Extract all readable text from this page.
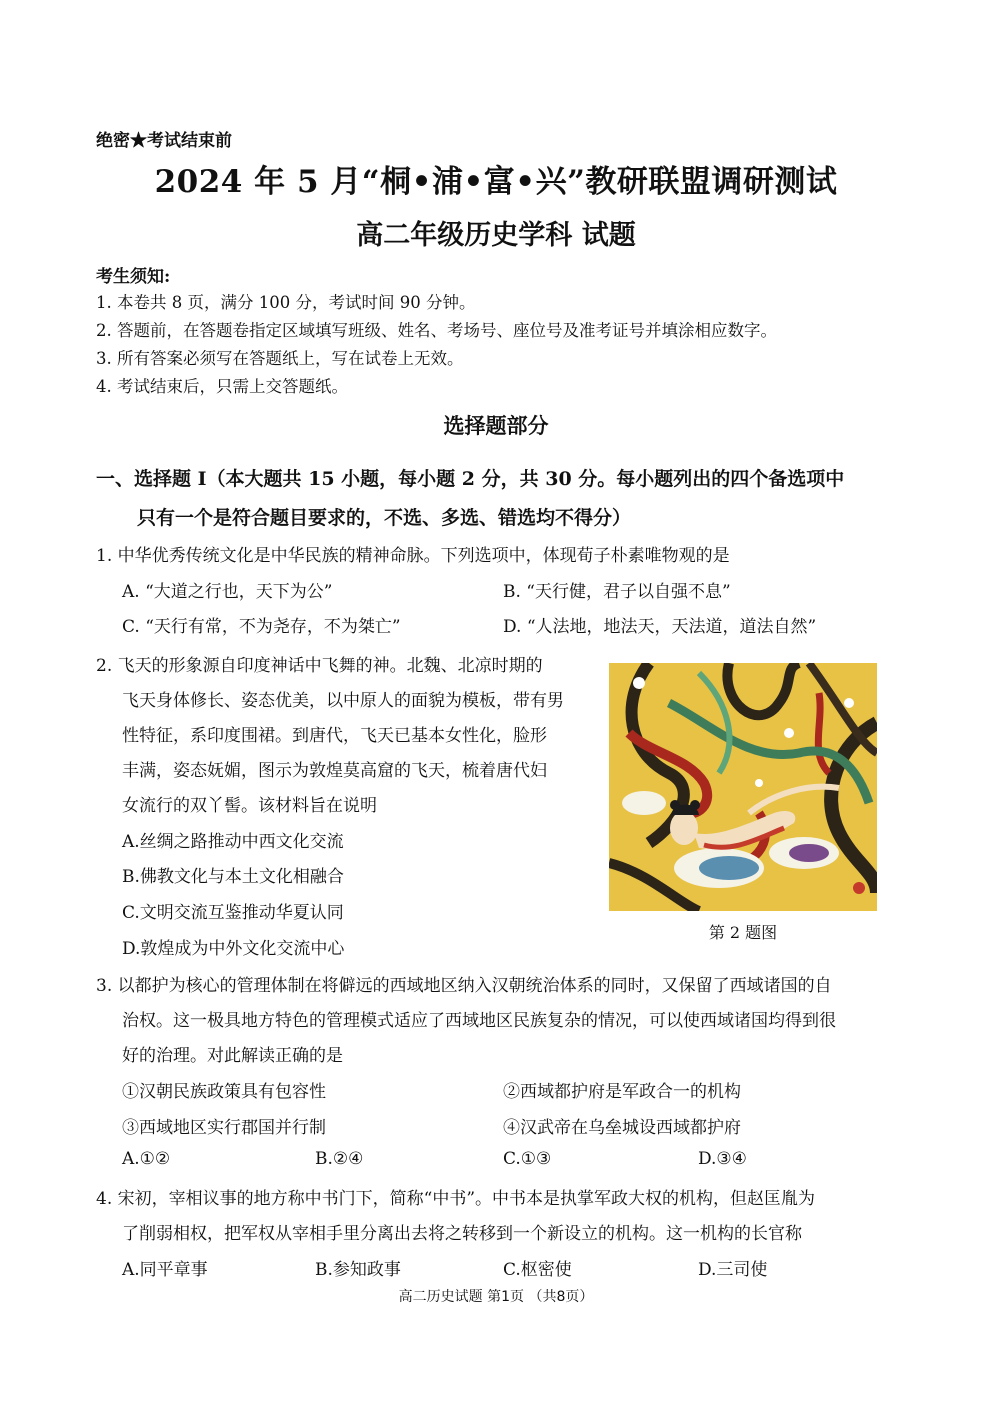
绝密★考试结束前
2024 年 5 月“桐•浦•富•兴”教研联盟调研测试
高二年级历史学科 试题
考生须知:
1. 本卷共 8 页，满分 100 分，考试时间 90 分钟。
2. 答题前，在答题卷指定区域填写班级、姓名、考场号、座位号及准考证号并填涂相应数字。
3. 所有答案必须写在答题纸上，写在试卷上无效。
4. 考试结束后，只需上交答题纸。
选择题部分
一、选择题 I（本大题共 15 小题，每小题 2 分，共 30 分。每小题列出的四个备选项中
只有一个是符合题目要求的，不选、多选、错选均不得分）
1. 中华优秀传统文化是中华民族的精神命脉。下列选项中，体现荀子朴素唯物观的是
A. “大道之行也，天下为公”	B. “天行健，君子以自强不息”
C. “天行有常，不为尧存，不为桀亡”	D. “人法地，地法天，天法道，道法自然”
2. 飞天的形象源自印度神话中飞舞的神。北魏、北凉时期的
飞天身体修长、姿态优美，以中原人的面貌为模板，带有男
性特征，系印度围裙。到唐代，飞天已基本女性化，脸形
丰满，姿态妩媚，图示为敦煌莫高窟的飞天，梳着唐代妇
女流行的双丫髻。该材料旨在说明
A.丝绸之路推动中西文化交流
B.佛教文化与本土文化相融合
C.文明交流互鉴推动华夏认同
D.敦煌成为中外文化交流中心
第 2 题图
3. 以都护为核心的管理体制在将僻远的西域地区纳入汉朝统治体系的同时，又保留了西域诸国的自
治权。这一极具地方特色的管理模式适应了西域地区民族复杂的情况，可以使西域诸国均得到很
好的治理。对此解读正确的是
①汉朝民族政策具有包容性	②西域都护府是军政合一的机构
③西域地区实行郡国并行制	④汉武帝在乌垒城设西域都护府
A.①②	B.②④	C.①③	D.③④
4. 宋初，宰相议事的地方称中书门下，简称“中书”。中书本是执掌军政大权的机构，但赵匡胤为
了削弱相权，把军权从宰相手里分离出去将之转移到一个新设立的机构。这一机构的长官称
A.同平章事	B.参知政事	C.枢密使	D.三司使
高二历史试题 第1页 （共8页）
